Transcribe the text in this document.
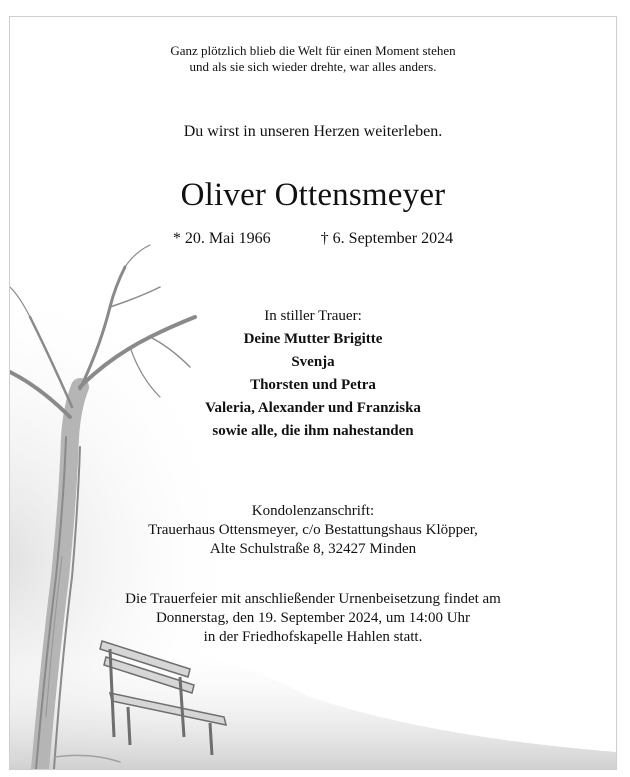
Ganz plötzlich blieb die Welt für einen Moment stehen
und als sie sich wieder drehte, war alles anders.
Du wirst in unseren Herzen weiterleben.
Oliver Ottensmeyer
* 20. Mai 1966	† 6. September 2024
In stiller Trauer:
Deine Mutter Brigitte
Svenja
Thorsten und Petra
Valeria, Alexander und Franziska
sowie alle, die ihm nahestanden
Kondolenzanschrift:
Trauerhaus Ottensmeyer, c/o Bestattungshaus Klöpper,
Alte Schulstraße 8, 32427 Minden
Die Trauerfeier mit anschließender Urnenbeisetzung findet am
Donnerstag, den 19. September 2024, um 14:00 Uhr
in der Friedhofskapelle Hahlen statt.
